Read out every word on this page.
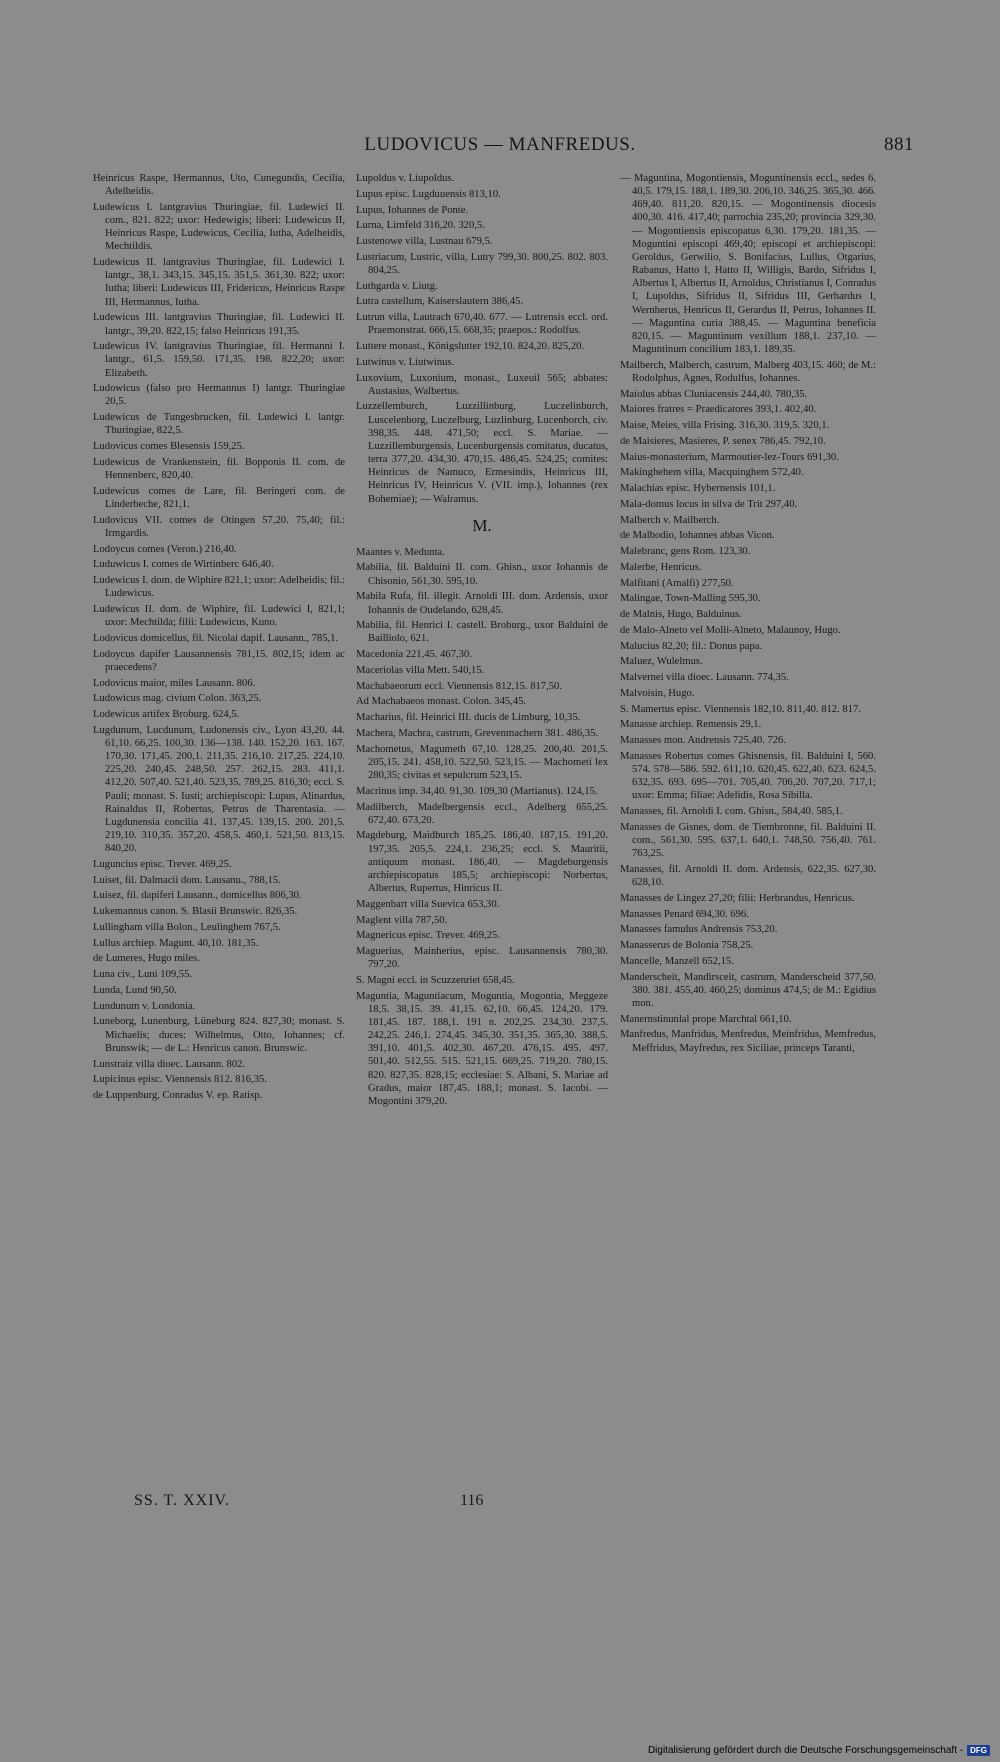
LUDOVICUS — MANFREDUS.	881
Heinricus Raspe, Hermannus, Uto, Cunegundis, Cecilia, Adelheidis.
Ludewicus I. lantgravius Thuringiae, fil. Ludewici II. com., 821. 822; uxor: Hedewigis; liberi: Ludewicus II, Heinricus Raspe, Ludewicus, Cecilia, Iutha, Adelheidis, Mechtildis.
Ludewicus II. lantgravius Thuringiae, fil. Ludewici I. lantgr., 38,1. 343,15. 345,15. 351,5. 361,30. 822; uxor: Iutha; liberi: Ludewicus III, Fridericus, Heinricus Raspe III, Hermannus, Iutha.
Ludewicus III. lantgravius Thuringiae, fil. Ludewici II. lantgr., 39,20. 822,15; falso Heinricus 191,35.
Ludewicus IV. lantgravius Thuringiae, fil. Hermanni I. lantgr., 61,5. 159,50. 171,35. 198. 822,20; uxor: Elizabeth.
Ludowicus (falso pro Hermannus I) lantgr. Thuringiae 20,5.
Ludewicus de Tungesbrucken, fil. Ludewici I. lantgr. Thuringiae, 822,5.
Ludovicus comes Blesensis 159,25.
Ludewicus de Vrankenstein, fil. Bopponis II. com. de Hennenberc, 820,40.
Ludewicus comes de Lare, fil. Beringeri com. de Linderbeche, 821,1.
Ludovicus VII. comes de Otingen 57,20. 75,40; fil.: Irmgardis.
Lodoycus comes (Veron.) 216,40.
Luduwicus I. comes de Wirtinberc 646,40.
Ludewicus I. dom. de Wiphire 821,1; uxor: Adelheidis; fil.: Ludewicus.
Ludewicus II. dom. de Wiphire, fil. Ludewici I, 821,1; uxor: Mechtilda; filii: Ludewicus, Kuno.
Lodovicus domicellus, fil. Nicolai dapif. Lausann., 785,1.
Lodoycus dapifer Lausannensis 781,15. 802,15; idem ac praecedens?
Lodovicus maior, miles Lausann. 806.
Ludowicus mag. civium Colon. 363,25.
Lodewicus artifex Broburg. 624,5.
Lugdunum, Lucdunum, Ludonensis civ., Lyon 43,20. 44. 61,10. 66,25. 100,30. 136—138. 140. 152,20. 163. 167. 170,30. 171,45. 200,1. 211,35. 216,10. 217,25. 224,10. 225,20. 240,45. 248,50. 257. 262,15. 283. 411,1. 412,20. 507,40. 521,40. 523,35. 789,25. 816,30; eccl. S. Pauli; monast. S. Iusti; archiepiscopi: Lupus, Alinardus, Rainaldus II, Robertus, Petrus de Tharentasia. — Lugdunensia concilia 41. 137,45. 139,15. 200. 201,5. 219,10. 310,35. 357,20. 458,5. 460,1. 521,50. 813,15. 840,20.
Luguncius episc. Trever. 469,25.
Luiset, fil. Dalmacii dom. Lausanu., 788,15.
Luisez, fil. dapiferi Lausann., domicellus 806,30.
Lukemannus canon. S. Blasii Brunswic. 826,35.
Lullingham villa Bolon., Leulinghem 767,5.
Lullus archiep. Magunt. 40,10. 181,35.
de Lumeres, Hugo miles.
Luna civ., Luni 109,55.
Lunda, Lund 90,50.
Lundunum v. Londonia.
Luneborg, Lunenburg, Lüneburg 824. 827,30; monast. S. Michaelis; duces: Wilhelmus, Otto, Iohannes; cf. Brunswik; — de L.: Henricus canon. Brunswic.
Lunstraiz villa dioec. Lausann. 802.
Lupicinus episc. Viennensis 812. 816,35.
de Luppenburg, Conradus V. ep. Ratisp.
Lupoldus v. Liupoldus.
Lupus episc. Lugduuensis 813,10.
Lupus, Iohannes de Ponte.
Lurna, Lirnfeld 316,20. 320,5.
Lustenowe villa, Lustnau 679,5.
Lustriacum, Lustric, villa, Lutry 799,30. 800,25. 802. 803. 804,25.
Luthgarda v. Liutg.
Lutra castellum, Kaiserslautern 386,45.
Lutrun villa, Lautrach 670,40. 677. — Lutrensis eccl. ord. Praemonstrat. 666,15. 668,35; praepos.: Rodolfus.
Luttere monast., Königslutter 192,10. 824,20. 825,20.
Lutwinus v. Liutwinus.
Luxovium, Luxonium, monast., Luxeuil 565; abbates: Austasius, Walbertus.
Luzzellemburch, Luzzillinburg, Luczelinburch, Luscelenborg, Luczelburg, Luzlinburg, Lucenborch, civ. 398,35. 448. 471,50; eccl. S. Mariae. — Luzzillemburgensis, Lucenburgensis comitatus, ducatus, terra 377,20. 434,30. 470,15. 486,45. 524,25; comites: Heinricus de Namuco, Ermesindis, Heinricus III, Heinricus IV, Heinricus V. (VII. imp.), Iohannes (rex Bohemiae); — Walramus.
M.
Maantes v. Medunta.
Mabilia, fil. Balduini II. com. Ghisn., uxor Iohannis de Chisonio, 561,30. 595,10.
Mabila Rufa, fil. illegit. Arnoldi III. dom. Ardensis, uxor Iohannis de Oudelando, 628,45.
Mabilia, fil. Henrici I. castell. Broburg., uxor Balduini de Bailliolo, 621.
Macedonia 221,45. 467,30.
Maceriolas villa Mett. 540,15.
Machabaeorum eccl. Viennensis 812,15. 817,50.
Ad Machabaeos monast. Colon. 345,45.
Macharius, fil. Heinrici III. ducis de Limburg, 10,35.
Machera, Machra, castrum, Grevenmachern 381. 486,35.
Machometus, Magumeth 67,10. 128,25. 200,40. 201,5. 205,15. 241. 458,10. 522,50. 523,15. — Machometi lex 280,35; civitas et sepulcrum 523,15.
Macrinus imp. 34,40. 91,30. 109,30 (Martianus). 124,15.
Madilberch, Madelbergensis eccl., Adelberg 655,25. 672,40. 673,20.
Magdeburg, Maidburch 185,25. 186,40. 187,15. 191,20. 197,35. 205,5. 224,1. 236,25; eccl. S. Mauritii, antiquum monast. 186,40. — Magdeburgensis archiepiscopatus 185,5; archiepiscopi: Norbertus, Albertus, Rupertus, Hinricus II.
Maggenbart villa Suevica 653,30.
Maglent villa 787,50.
Magnericus episc. Trever. 469,25.
Maguerius, Mainherius, episc. Lausannensis 780,30. 797,20.
S. Magni eccl. in Scuzzenriet 658,45.
Maguntia, Maguntiacum, Moguntia, Mogontia, Meggeze 18,5. 38,15. 39. 41,15. 62,10. 66,45. 124,20. 179. 181,45. 187. 188,1. 191 n. 202,25. 234,30. 237,5. 242,25. 246,1. 274,45. 345,30. 351,35. 365,30. 388,5. 391,10. 401,5. 402,30. 467,20. 476,15. 495. 497. 501,40. 512,55. 515. 521,15. 669,25. 719,20. 780,15. 820. 827,35. 828,15; ecclesiae: S. Albani, S. Mariae ad Gradus, maior 187,45. 188,1; monast. S. Iacobi. — Mogontini 379,20.
— Maguntina, Mogontiensis, Moguntinensis eccl., sedes 6. 40,5. 179,15. 188,1. 189,30. 206,10. 346,25. 365,30. 466. 469,40. 811,20. 820,15. — Mogontinensis diocesis 400,30. 416. 417,40; parrochia 235,20; provincia 329,30. — Mogontiensis episcopatus 6,30. 179,20. 181,35. — Moguntini episcopi 469,40; episcopi et archiepiscopi: Geroldus, Gerwilio, S. Bonifacius, Lullus, Otgarius, Rabanus, Hatto I, Hatto II, Willigis, Bardo, Sifridus I, Albertus I, Albertus II, Arnoldus, Christianus I, Conradus I, Lupoldus, Sifridus II, Sifridus III, Gerhardus I, Wernherus, Henricus II, Gerardus II, Petrus, Iohannes II. — Maguntina curia 388,45. — Maguntina beneficia 820,15. — Maguntinum vexillum 188,1. 237,10. — Maguntinum concilium 183,1. 189,35.
Mailberch, Malberch, castrum, Malberg 403,15. 460; de M.: Rodolphus, Agnes, Rodulfus, Iohannes.
Maiolus abbas Cluniacensis 244,40. 780,35.
Maiores fratres = Praedicatores 393,1. 402,40.
Maise, Meies, villa Frising. 316,30. 319,5. 320,1.
de Maisieres, Masieres, P. senex 786,45. 792,10.
Maius-monasterium, Marmoutier-lez-Tours 691,30.
Makinghehem villa, Macquinghem 572,40.
Malachias episc. Hybernensis 101,1.
Mala-domus locus in silva de Trit 297,40.
Malberch v. Mailberch.
de Malbodio, Iohannes abbas Vicon.
Malebranc, gens Rom. 123,30.
Malerbe, Henricus.
Malfitani (Amalfi) 277,50.
Malingae, Town-Malling 595,30.
de Malnis, Hugo, Balduinus.
de Malo-Alneto vel Molli-Alneto, Malaunoy, Hugo.
Malucius 82,20; fil.: Donus papa.
Maluez, Wulelmus.
Malvernei villa dioec. Lausann. 774,35.
Malvoisin, Hugo.
S. Mamertus episc. Viennensis 182,10. 811,40. 812. 817.
Manasse archiep. Remensis 29,1.
Manasses mon. Andrensis 725,40. 726.
Manasses Robertus comes Ghisnensis, fil. Balduini I, 560. 574. 578—586. 592. 611,10. 620,45. 622,40. 623. 624,5. 632,35. 693. 695—701. 705,40. 706,20. 707,20. 717,1; uxor: Emma; filiae: Adelidis, Rosa Sibilla.
Manasses, fil. Arnoldi I. com. Ghisn., 584,40. 585,1.
Manasses de Gisnes, dom. de Tiembronne, fil. Balduini II. com., 561,30. 595. 637,1. 640,1. 748,50. 756,40. 761. 763,25.
Manasses, fil. Arnoldi II. dom. Ardensis, 622,35. 627,30. 628,10.
Manasses de Lingez 27,20; filii: Herbrandus, Henricus.
Manasses Penard 694,30. 696.
Manasses famulus Andrensis 753,20.
Manasserus de Bolonia 758,25.
Mancelle, Manzell 652,15.
Manderscheit, Mandirsceit, castrum, Manderscheid 377,50. 380. 381. 455,40. 460,25; dominus 474,5; de M.: Egidius mon.
Manernstinunlal prope Marchtal 661,10.
Manfredus, Manfridus, Menfredus, Meinfridus, Memfredus, Meffridus, Mayfredus, rex Siciliae, princeps Taranti,
SS. T. XXIV.	116
Digitalisierung gefördert durch die Deutsche Forschungsgemeinschaft - DFG
